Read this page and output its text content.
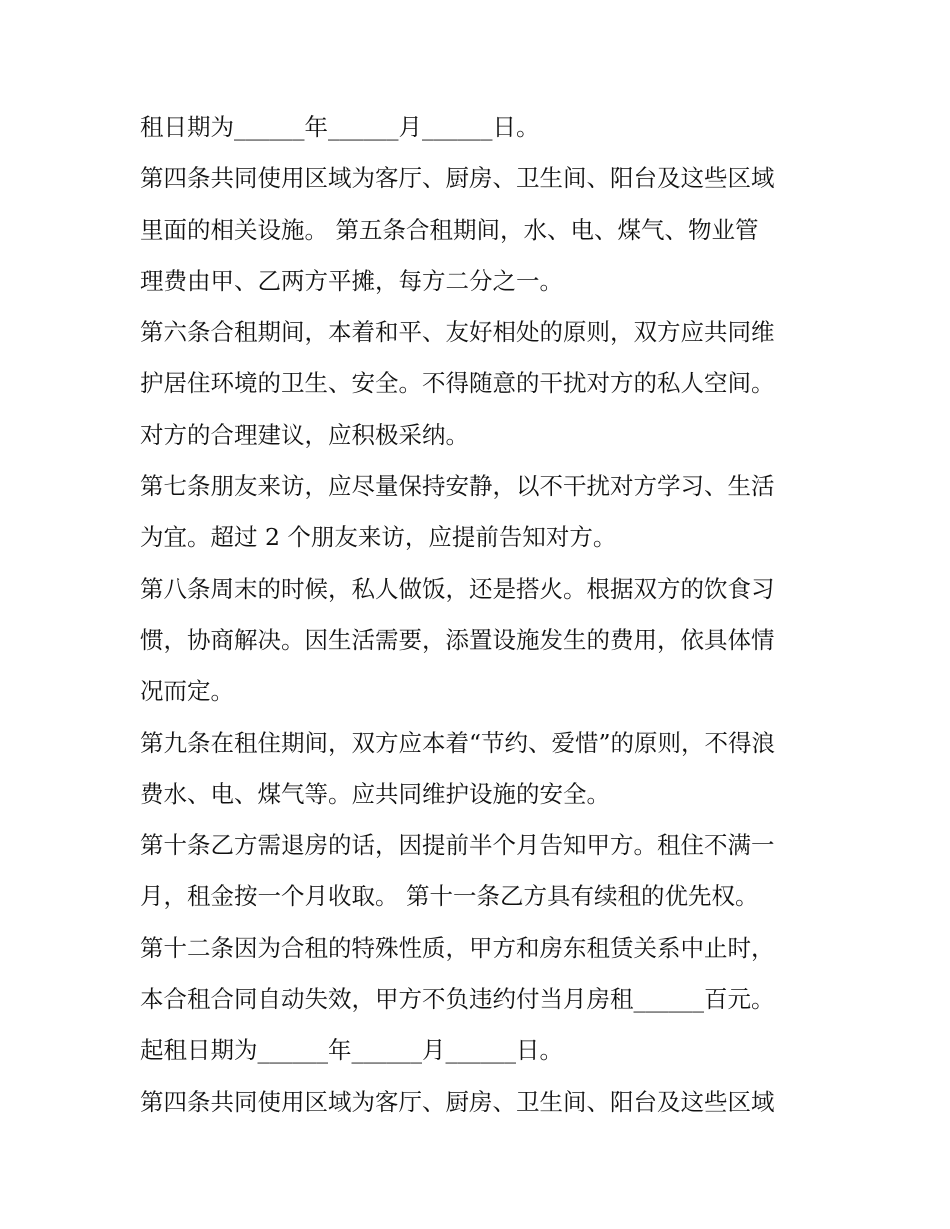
租日期为______年______月______日。
第四条共同使用区域为客厅、厨房、卫生间、阳台及这些区域
里面的相关设施。 第五条合租期间，水、电、煤气、物业管
理费由甲、乙两方平摊，每方二分之一。
第六条合租期间，本着和平、友好相处的原则，双方应共同维
护居住环境的卫生、安全。不得随意的干扰对方的私人空间。
对方的合理建议，应积极采纳。
第七条朋友来访，应尽量保持安静，以不干扰对方学习、生活
为宜。超过 2 个朋友来访，应提前告知对方。
第八条周末的时候，私人做饭，还是搭火。根据双方的饮食习
惯，协商解决。因生活需要，添置设施发生的费用，依具体情
况而定。
第九条在租住期间，双方应本着“节约、爱惜”的原则，不得浪
费水、电、煤气等。应共同维护设施的安全。
第十条乙方需退房的话，因提前半个月告知甲方。租住不满一
月，租金按一个月收取。 第十一条乙方具有续租的优先权。
第十二条因为合租的特殊性质，甲方和房东租赁关系中止时，
本合租合同自动失效，甲方不负违约付当月房租______百元。
起租日期为______年______月______日。
第四条共同使用区域为客厅、厨房、卫生间、阳台及这些区域
